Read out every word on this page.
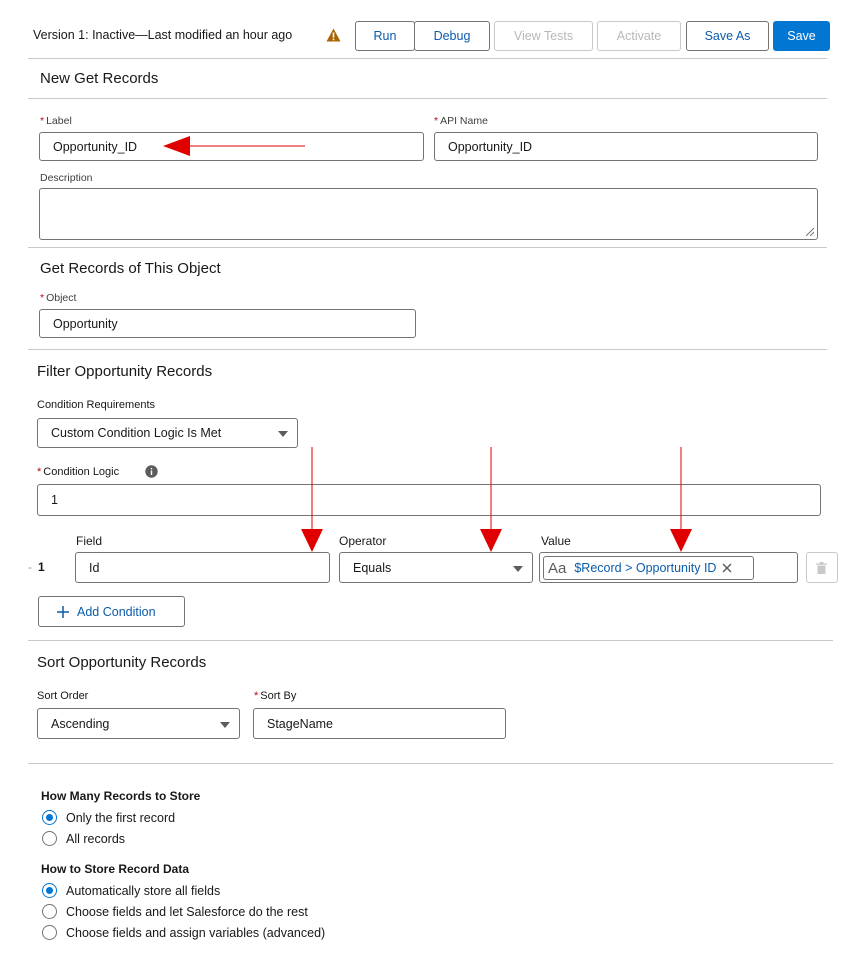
Version 1: Inactive—Last modified an hour ago	Run	Debug	View Tests	Activate	Save As	Save
New Get Records
* Label
Opportunity_ID
* API Name
Opportunity_ID
Description
Get Records of This Object
* Object
Opportunity
Filter Opportunity Records
Condition Requirements
Custom Condition Logic Is Met
* Condition Logic
1
Field	Operator	Value
- 1	Id	Equals	Aa $Record > Opportunity ID
Add Condition
Sort Opportunity Records
Sort Order
Ascending
* Sort By
StageName
How Many Records to Store
Only the first record
All records
How to Store Record Data
Automatically store all fields
Choose fields and let Salesforce do the rest
Choose fields and assign variables (advanced)
